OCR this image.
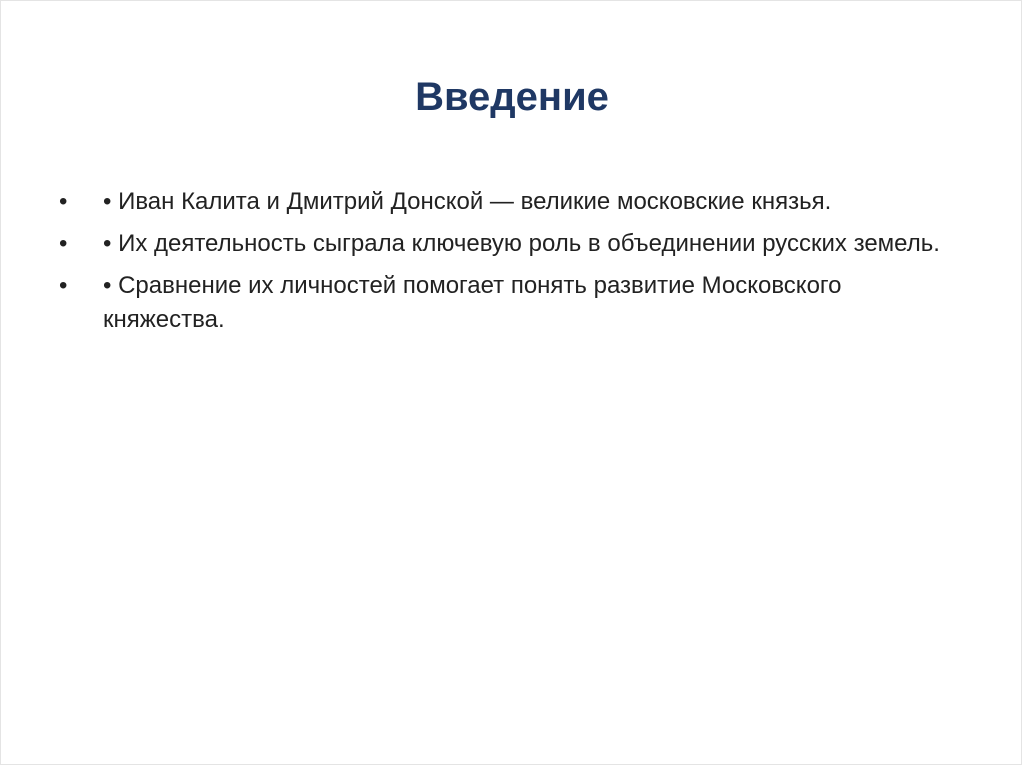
Введение
•	• Иван Калита и Дмитрий Донской — великие московские князья.
•	• Их деятельность сыграла ключевую роль в объединении русских земель.
•	• Сравнение их личностей помогает понять развитие Московского княжества.
